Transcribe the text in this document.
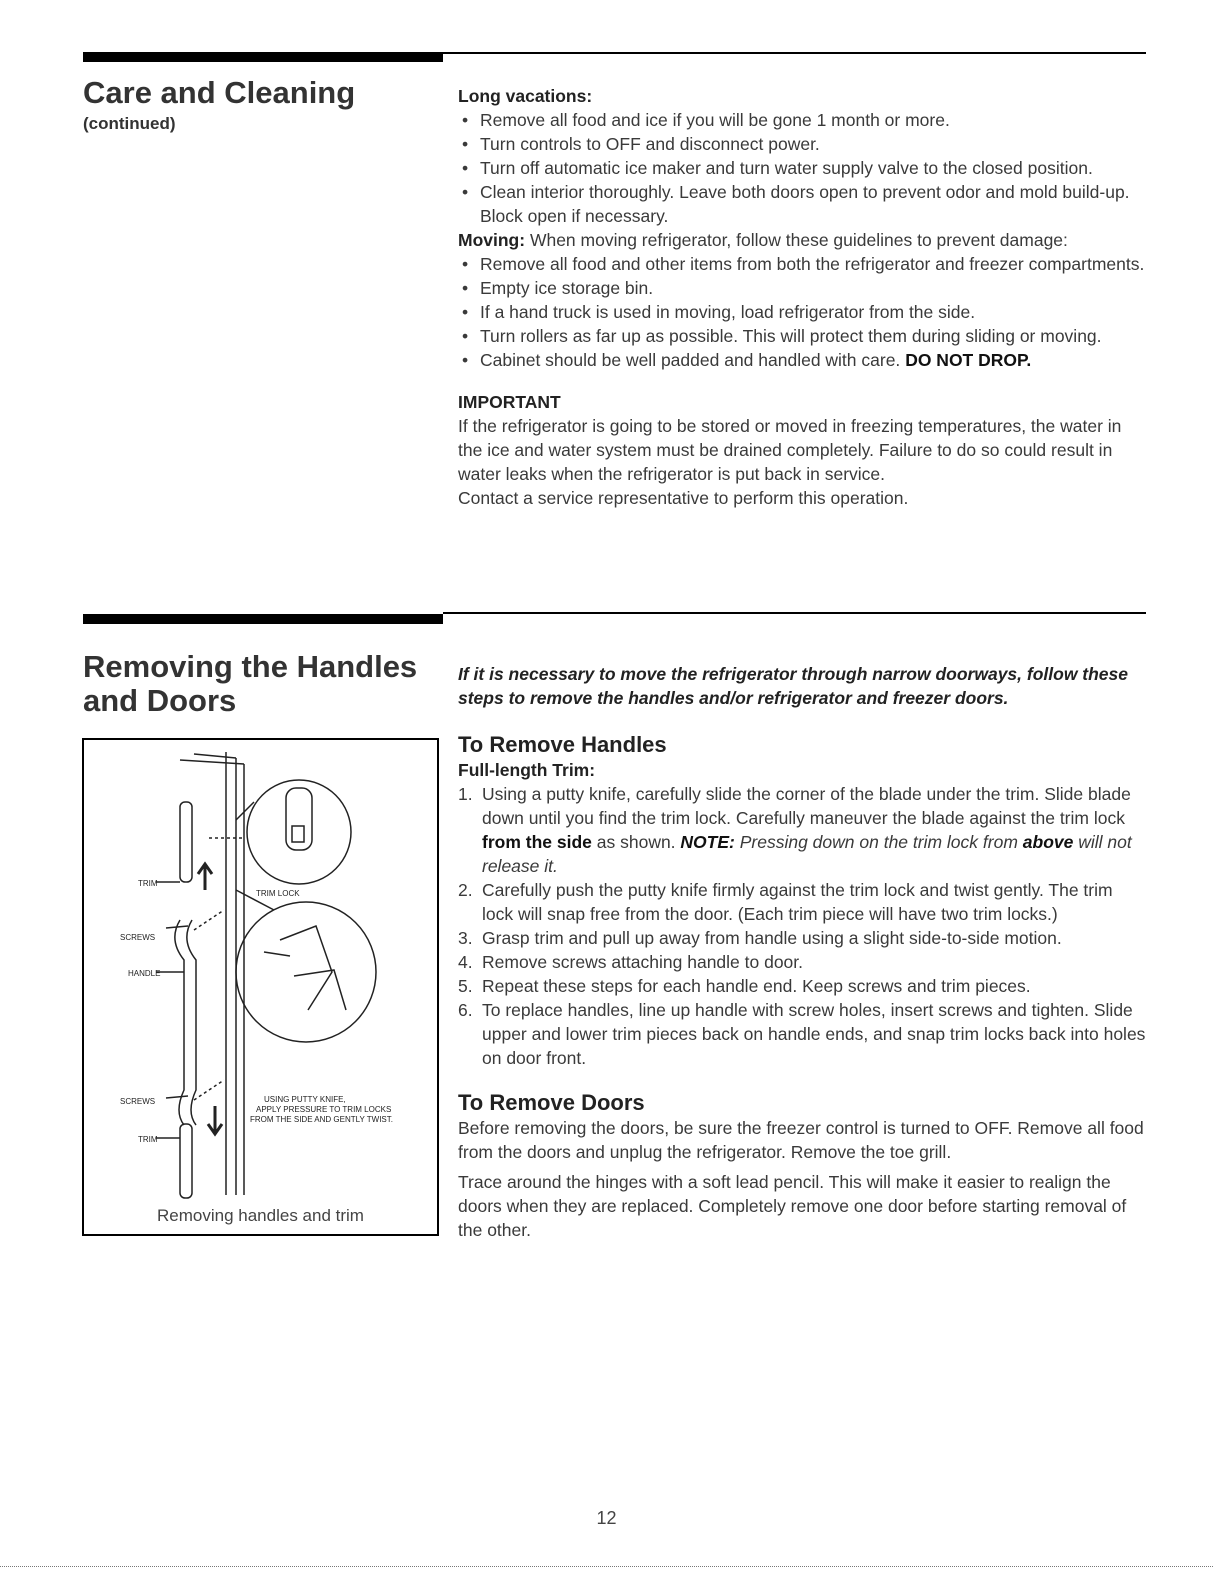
Care and Cleaning
(continued)

Long vacations:

• Remove all food and ice if you will be gone 1 month or more.

• Turn controls to OFF and disconnect power.

• Turn off automatic ice maker and turn water supply valve to the closed position.

• Clean interior thoroughly. Leave both doors open to prevent odor and mold build-up. Block open if necessary.

Moving: When moving refrigerator, follow these guidelines to prevent damage:

• Remove all food and other items from both the refrigerator and freezer compartments.

• Empty ice storage bin.

• If a hand truck is used in moving, load refrigerator from the side.

• Turn rollers as far up as possible. This will protect them during sliding or moving.

• Cabinet should be well padded and handled with care. DO NOT DROP.

IMPORTANT

If the refrigerator is going to be stored or moved in freezing temperatures, the water in the ice and water system must be drained completely. Failure to do so could result in water leaks when the refrigerator is put back in service.

Contact a service representative to perform this operation.

Removing the Handles
and Doors

If it is necessary to move the refrigerator through narrow doorways, follow these steps to remove the handles and/or refrigerator and freezer doors.

To Remove Handles

Full-length Trim:

1. Using a putty knife, carefully slide the corner of the blade under the trim. Slide blade down until you find the trim lock. Carefully maneuver the blade against the trim lock from the side as shown. NOTE: Pressing down on the trim lock from above will not release it.

2. Carefully push the putty knife firmly against the trim lock and twist gently. The trim lock will snap free from the door. (Each trim piece will have two trim locks.)

3. Grasp trim and pull up away from handle using a slight side-to-side motion.

4. Remove screws attaching handle to door.

5. Repeat these steps for each handle end. Keep screws and trim pieces.

6. To replace handles, line up handle with screw holes, insert screws and tighten. Slide upper and lower trim pieces back on handle ends, and snap trim locks back into holes on door front.

To Remove Doors

Before removing the doors, be sure the freezer control is turned to OFF. Remove all food from the doors and unplug the refrigerator. Remove the toe grill.

Trace around the hinges with a soft lead pencil. This will make it easier to realign the doors when they are replaced. Completely remove one door before starting removal of the other.

TRIM
SCREWS
HANDLE
SCREWS
TRIM
TRIM LOCK
USING PUTTY KNIFE,
APPLY PRESSURE TO TRIM LOCKS
FROM THE SIDE AND GENTLY TWIST.
Removing handles and trim
12
